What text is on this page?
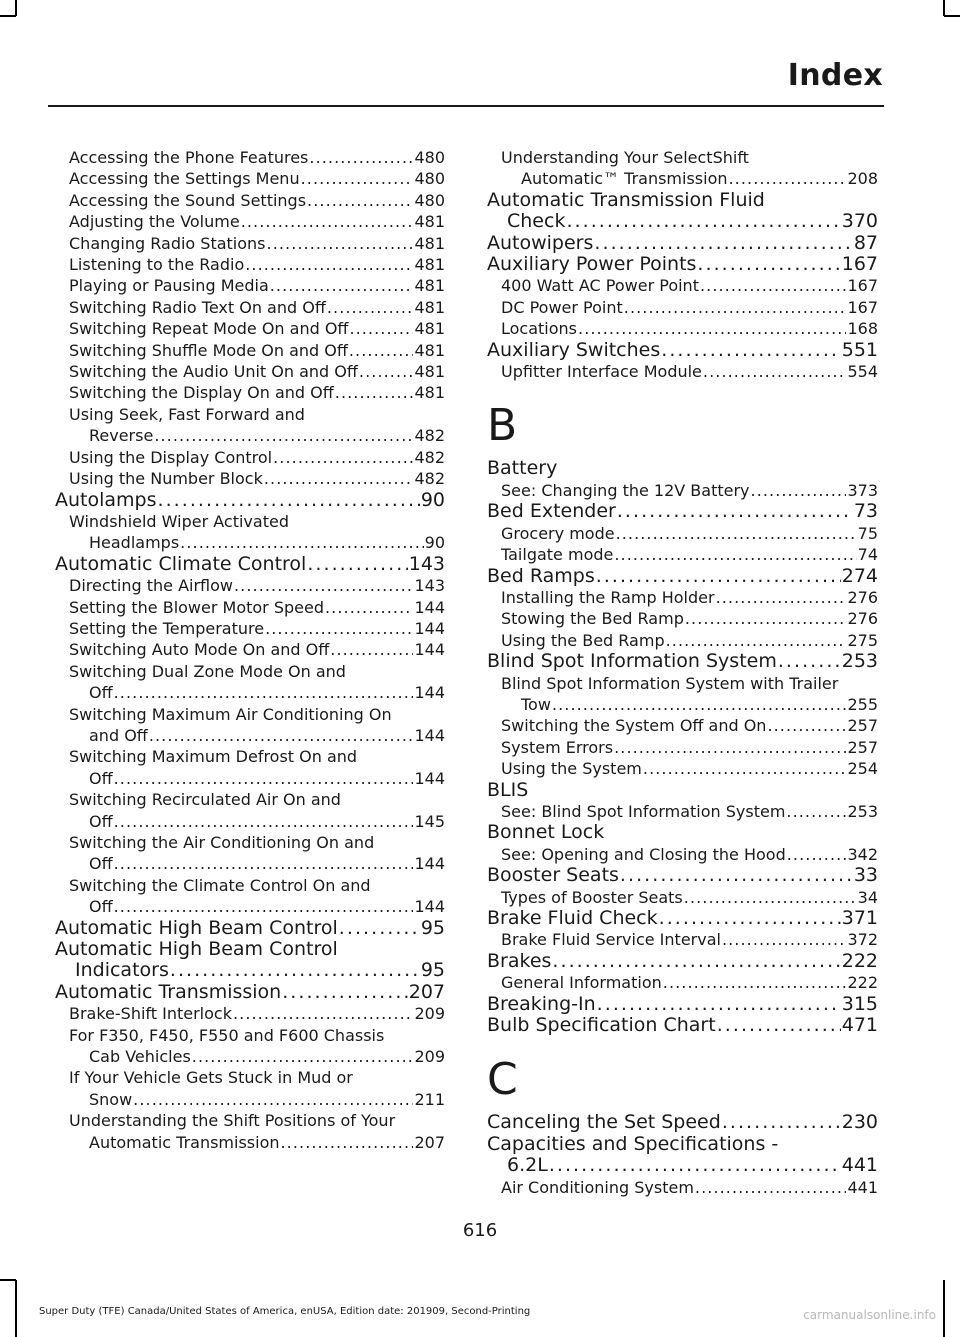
Index
Accessing the Phone Features . . .	480
Accessing the Settings Menu . . .	480
Accessing the Sound Settings . . .	480
Adjusting the Volume . . .	481
Changing Radio Stations . . .	481
Listening to the Radio . . .	481
Playing or Pausing Media . . .	481
Switching Radio Text On and Off . . .	481
Switching Repeat Mode On and Off . . .	481
Switching Shuffle Mode On and Off . . .	481
Switching the Audio Unit On and Off . . .	481
Switching the Display On and Off . . .	481
Using Seek, Fast Forward and
Reverse . . .	482
Using the Display Control . . .	482
Using the Number Block . . .	482
Autolamps . . .	90
Windshield Wiper Activated
Headlamps . . .	90
Automatic Climate Control . . .	143
Directing the Airflow . . .	143
Setting the Blower Motor Speed . . .	144
Setting the Temperature . . .	144
Switching Auto Mode On and Off . . .	144
Switching Dual Zone Mode On and
Off . . .	144
Switching Maximum Air Conditioning On
and Off . . .	144
Switching Maximum Defrost On and
Off . . .	144
Switching Recirculated Air On and
Off . . .	145
Switching the Air Conditioning On and
Off . . .	144
Switching the Climate Control On and
Off . . .	144
Automatic High Beam Control . . .	95
Automatic High Beam Control
Indicators . . .	95
Automatic Transmission . . .	207
Brake-Shift Interlock . . .	209
For F350, F450, F550 and F600 Chassis
Cab Vehicles . . .	209
If Your Vehicle Gets Stuck in Mud or
Snow . . .	211
Understanding the Shift Positions of Your
Automatic Transmission . . .	207
Understanding Your SelectShift
Automatic™ Transmission . . .	208
Automatic Transmission Fluid
Check . . .	370
Autowipers . . .	87
Auxiliary Power Points . . .	167
400 Watt AC Power Point . . .	167
DC Power Point . . .	167
Locations . . .	168
Auxiliary Switches . . .	551
Upfitter Interface Module . . .	554
B
Battery
See: Changing the 12V Battery . . .	373
Bed Extender . . .	73
Grocery mode . . .	75
Tailgate mode . . .	74
Bed Ramps . . .	274
Installing the Ramp Holder . . .	276
Stowing the Bed Ramp . . .	276
Using the Bed Ramp . . .	275
Blind Spot Information System . . .	253
Blind Spot Information System with Trailer
Tow . . .	255
Switching the System Off and On . . .	257
System Errors . . .	257
Using the System . . .	254
BLIS
See: Blind Spot Information System . . .	253
Bonnet Lock
See: Opening and Closing the Hood . . .	342
Booster Seats . . .	33
Types of Booster Seats . . .	34
Brake Fluid Check . . .	371
Brake Fluid Service Interval . . .	372
Brakes . . .	222
General Information . . .	222
Breaking-In . . .	315
Bulb Specification Chart . . .	471
C
Canceling the Set Speed . . .	230
Capacities and Specifications -
6.2L . . .	441
Air Conditioning System . . .	441
616
Super Duty (TFE) Canada/United States of America, enUSA, Edition date: 201909, Second-Printing	carmanualsonline.info
